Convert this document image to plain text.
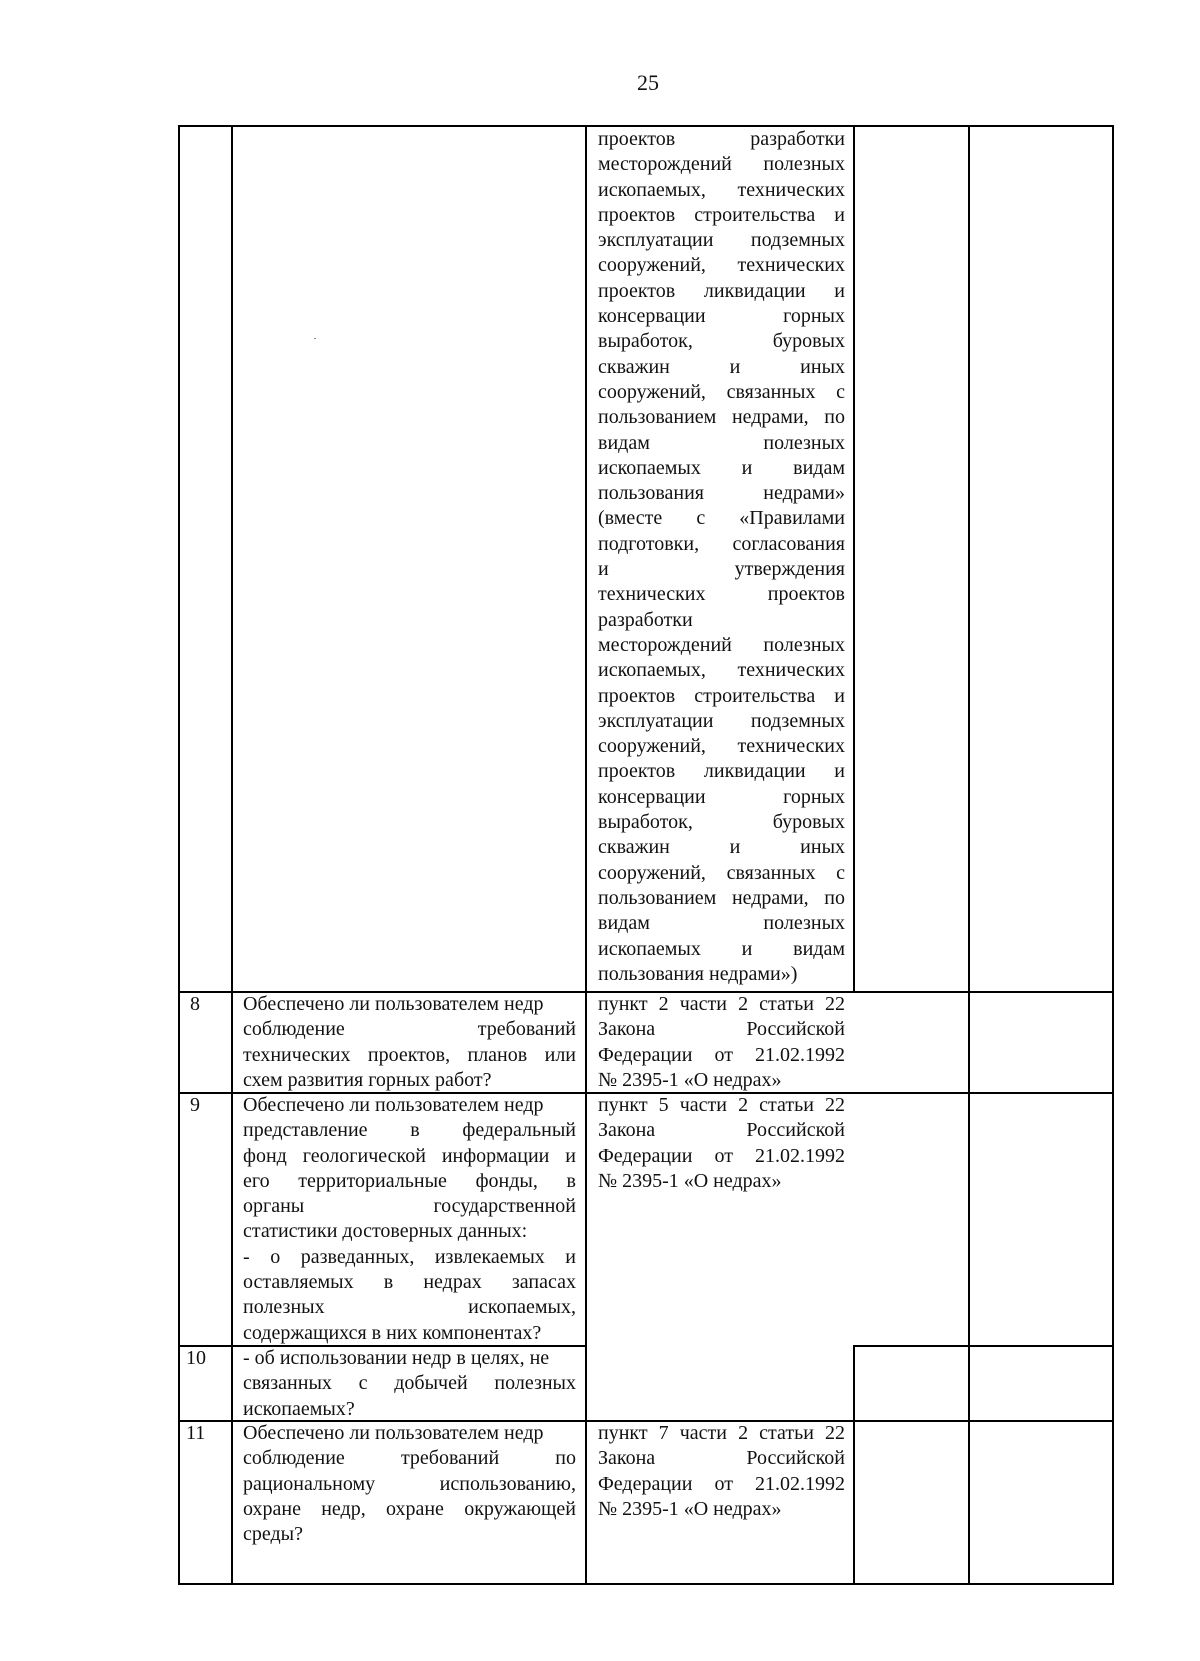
25
проектов разработки
месторождений полезных
ископаемых, технических
проектов строительства и
эксплуатации подземных
сооружений, технических
проектов ликвидации и
консервации горных
выработок, буровых
скважин и иных
сооружений, связанных с
пользованием недрами, по
видам полезных
ископаемых и видам
пользования недрами»
(вместе с «Правилами
подготовки, согласования
и утверждения
технических проектов
разработки
месторождений полезных
ископаемых, технических
проектов строительства и
эксплуатации подземных
сооружений, технических
проектов ликвидации и
консервации горных
выработок, буровых
скважин и иных
сооружений, связанных с
пользованием недрами, по
видам полезных
ископаемых и видам
пользования недрами»)
8 Обеспечено ли пользователем недр
соблюдение требований
технических проектов, планов или
схем развития горных работ?
пункт 2 части 2 статьи 22
Закона Российской
Федерации от 21.02.1992
№ 2395-1 «О недрах»
9 Обеспечено ли пользователем недр
представление в федеральный
фонд геологической информации и
его территориальные фонды, в
органы государственной
статистики достоверных данных:
- о разведанных, извлекаемых и
оставляемых в недрах запасах
полезных ископаемых,
содержащихся в них компонентах?
пункт 5 части 2 статьи 22
Закона Российской
Федерации от 21.02.1992
№ 2395-1 «О недрах»
10 - об использовании недр в целях, не
связанных с добычей полезных
ископаемых?
11 Обеспечено ли пользователем недр
соблюдение требований по
рациональному использованию,
охране недр, охране окружающей
среды?
пункт 7 части 2 статьи 22
Закона Российской
Федерации от 21.02.1992
№ 2395-1 «О недрах»
